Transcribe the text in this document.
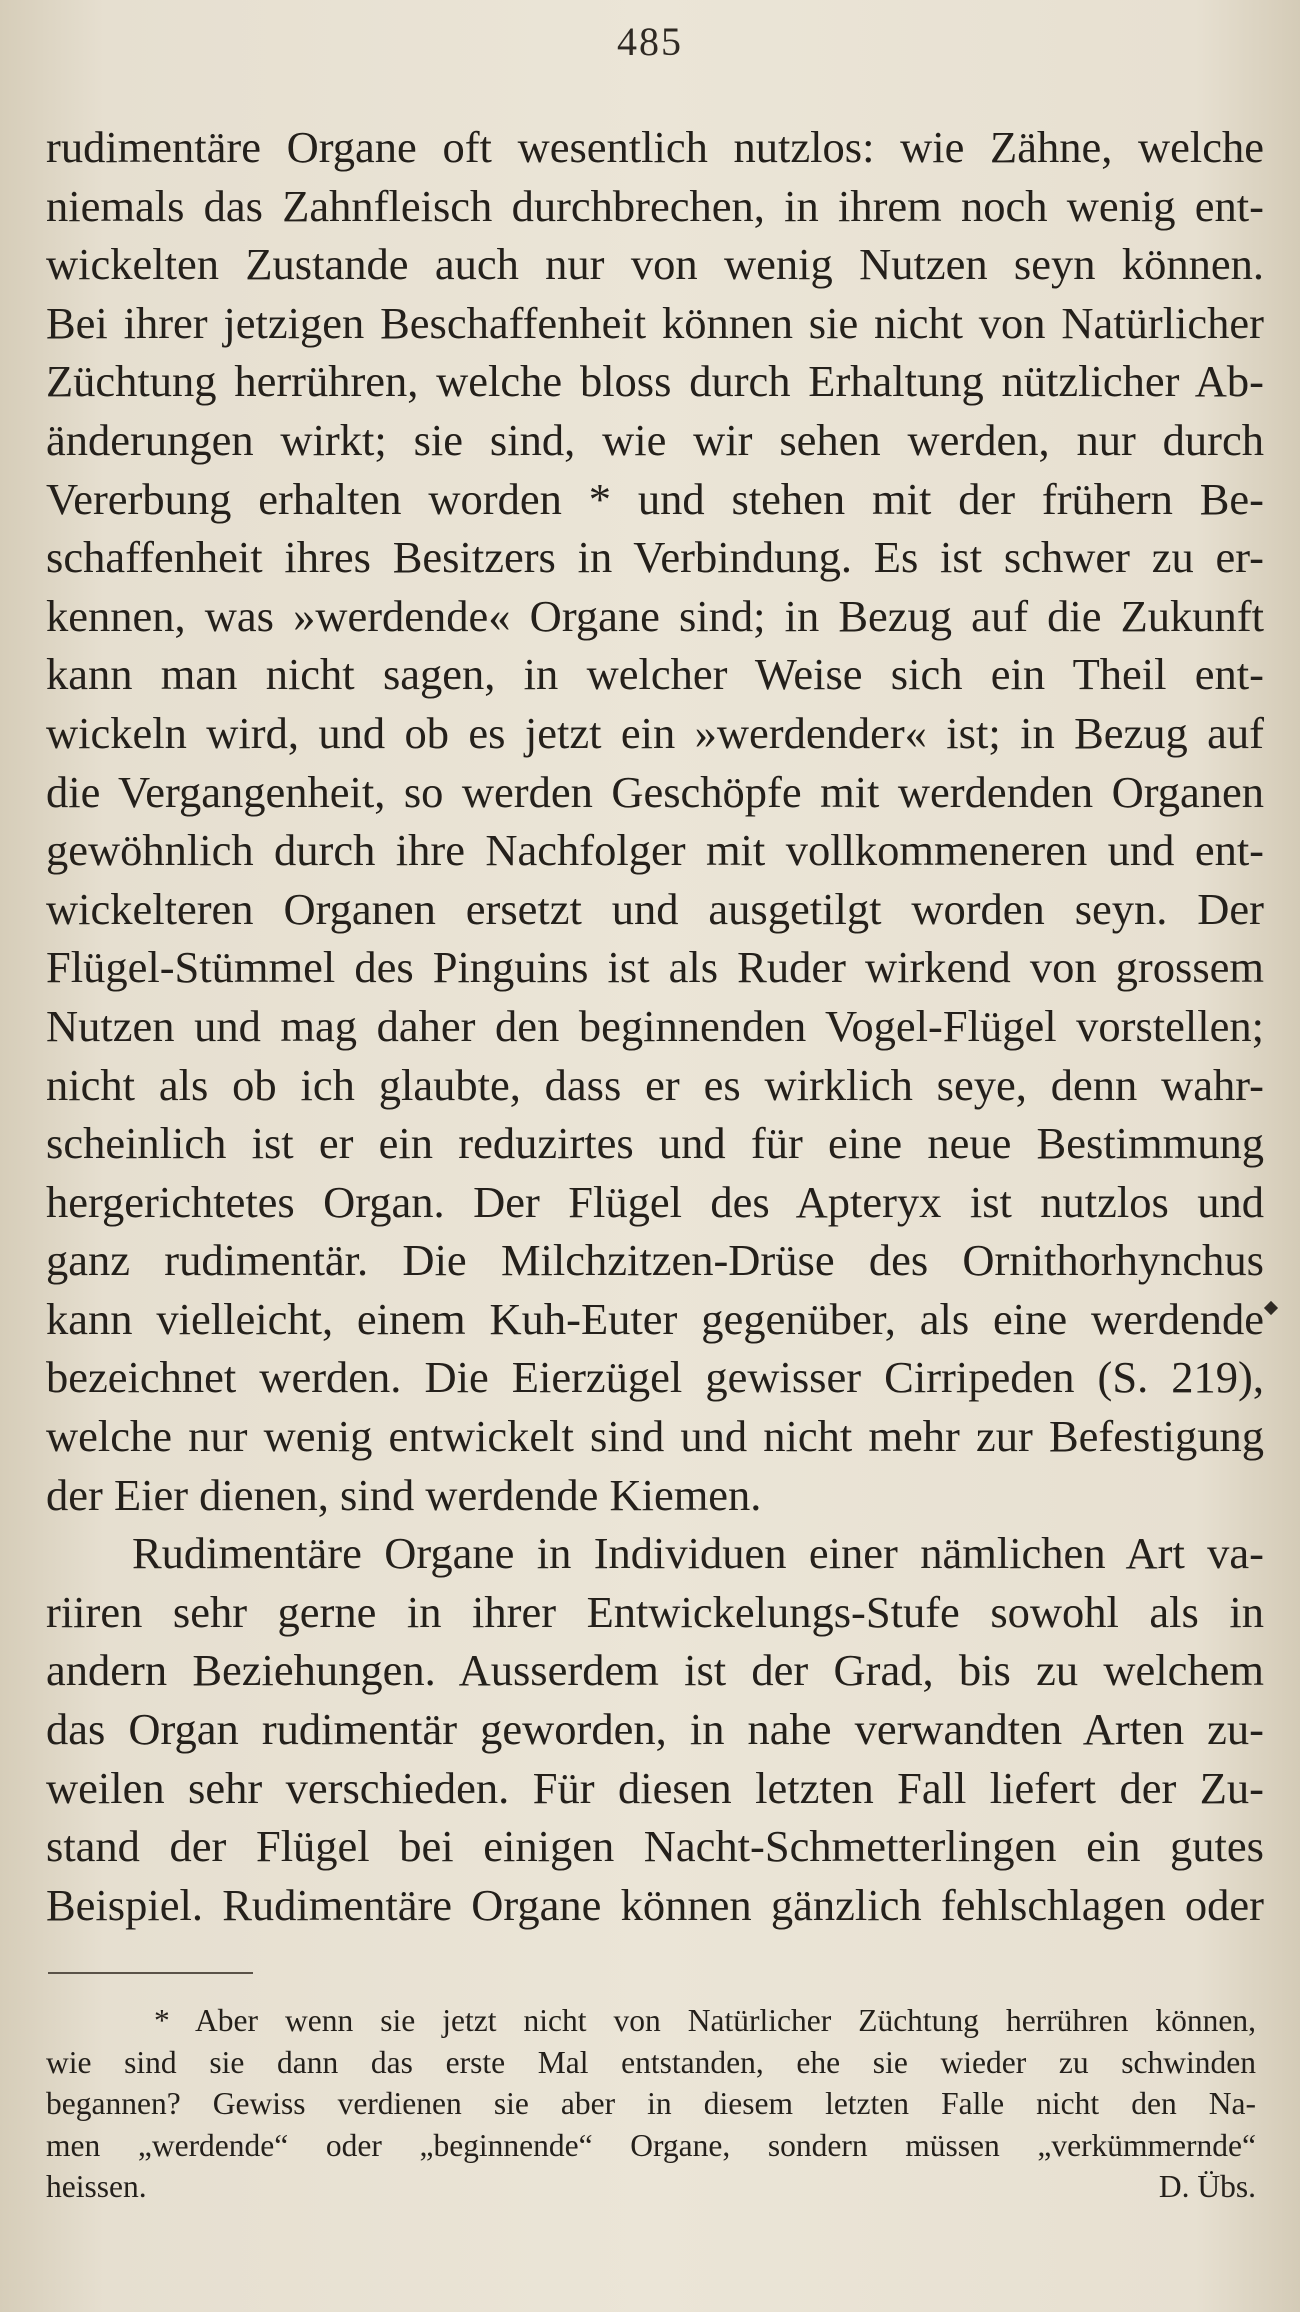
485
rudimentäre Organe oft wesentlich nutzlos: wie Zähne, welche
niemals das Zahnfleisch durchbrechen, in ihrem noch wenig ent-
wickelten Zustande auch nur von wenig Nutzen seyn können.
Bei ihrer jetzigen Beschaffenheit können sie nicht von Natürlicher
Züchtung herrühren, welche bloss durch Erhaltung nützlicher Ab-
änderungen wirkt; sie sind, wie wir sehen werden, nur durch
Vererbung erhalten worden * und stehen mit der frühern Be-
schaffenheit ihres Besitzers in Verbindung. Es ist schwer zu er-
kennen, was »werdende« Organe sind; in Bezug auf die Zukunft
kann man nicht sagen, in welcher Weise sich ein Theil ent-
wickeln wird, und ob es jetzt ein »werdender« ist; in Bezug auf
die Vergangenheit, so werden Geschöpfe mit werdenden Organen
gewöhnlich durch ihre Nachfolger mit vollkommeneren und ent-
wickelteren Organen ersetzt und ausgetilgt worden seyn. Der
Flügel-Stümmel des Pinguins ist als Ruder wirkend von grossem
Nutzen und mag daher den beginnenden Vogel-Flügel vorstellen;
nicht als ob ich glaubte, dass er es wirklich seye, denn wahr-
scheinlich ist er ein reduzirtes und für eine neue Bestimmung
hergerichtetes Organ. Der Flügel des Apteryx ist nutzlos und
ganz rudimentär. Die Milchzitzen-Drüse des Ornithorhynchus
kann vielleicht, einem Kuh-Euter gegenüber, als eine werdende
bezeichnet werden. Die Eierzügel gewisser Cirripeden (S. 219),
welche nur wenig entwickelt sind und nicht mehr zur Befestigung
der Eier dienen, sind werdende Kiemen.
Rudimentäre Organe in Individuen einer nämlichen Art va-
riiren sehr gerne in ihrer Entwickelungs-Stufe sowohl als in
andern Beziehungen. Ausserdem ist der Grad, bis zu welchem
das Organ rudimentär geworden, in nahe verwandten Arten zu-
weilen sehr verschieden. Für diesen letzten Fall liefert der Zu-
stand der Flügel bei einigen Nacht-Schmetterlingen ein gutes
Beispiel. Rudimentäre Organe können gänzlich fehlschlagen oder
* Aber wenn sie jetzt nicht von Natürlicher Züchtung herrühren können,
wie sind sie dann das erste Mal entstanden, ehe sie wieder zu schwinden
begannen? Gewiss verdienen sie aber in diesem letzten Falle nicht den Na-
men „werdende“ oder „beginnende“ Organe, sondern müssen „verkümmernde“
heissen.	D. Übs.
